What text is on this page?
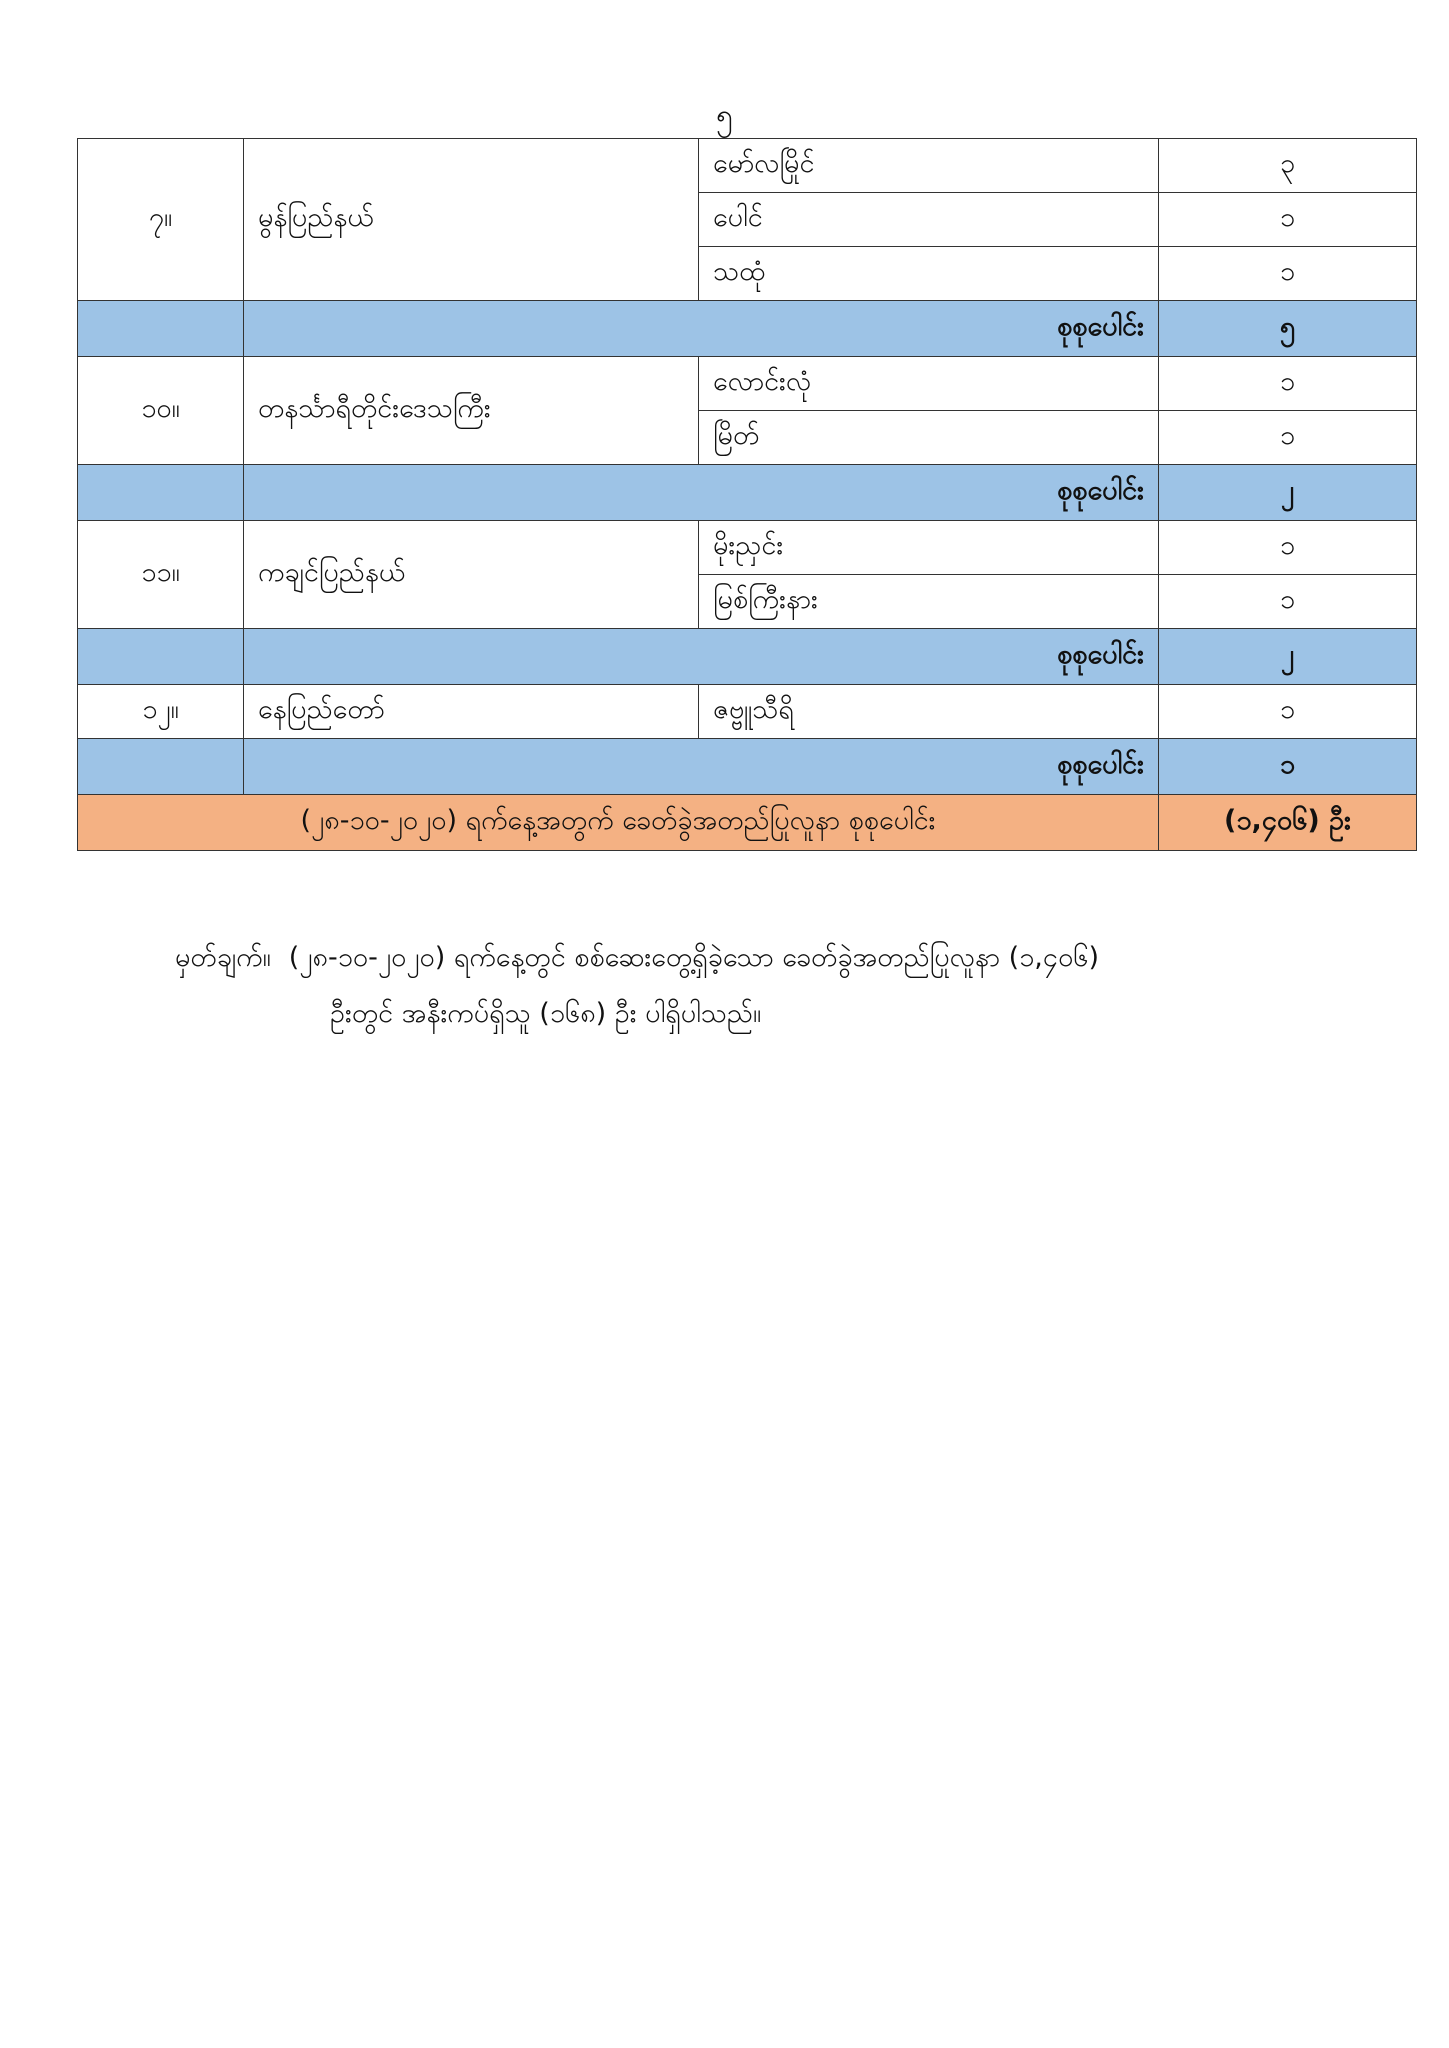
၅
၇။	မွန်ပြည်နယ်	မော်လမြိုင်	၃
		ပေါင်	၁
		သထုံ	၁
	စုစုပေါင်း		၅
၁၀။	တနင်္သာရီတိုင်းဒေသကြီး	လောင်းလုံ	၁
		မြိတ်	၁
	စုစုပေါင်း		၂
၁၁။	ကချင်ပြည်နယ်	မိုးညှင်း	၁
		မြစ်ကြီးနား	၁
	စုစုပေါင်း		၂
၁၂။	နေပြည်တော်	ဇဗ္ဗူသီရိ	၁
	စုစုပေါင်း		၁
(၂၈-၁၀-၂၀၂၀) ရက်နေ့အတွက် ခေတ်ခွဲအတည်ပြုလူနာ စုစုပေါင်း			(၁,၄၀၆) ဦး
မှတ်ချက်။ (၂၈-၁၀-၂၀၂၀) ရက်နေ့တွင် စစ်ဆေးတွေ့ရှိခဲ့သော ခေတ်ခွဲအတည်ပြုလူနာ (၁,၄၀၆)
ဦးတွင် အနီးကပ်ရှိသူ (၁၆၈) ဦး ပါရှိပါသည်။
